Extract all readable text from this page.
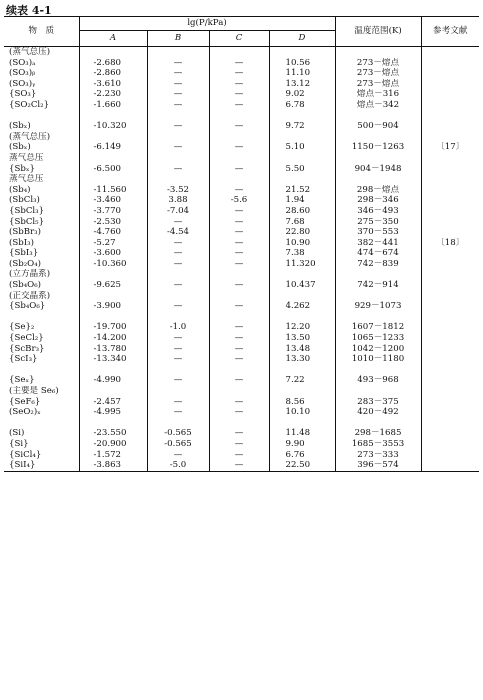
续表 4-1
物　质	lg(P/kPa)				温度范围(K)	参考文献
	A	B	C	D		
(蒸气总压)						
(SO₃)ₐ	-2.680	—	—	10.56	273－熔点	
(SO₃)ᵦ	-2.860	—	—	11.10	273－熔点	
(SO₃)ᵧ	-3.610	—	—	13.12	273－熔点	
{SO₃}	-2.230	—	—	9.02	熔点－316	
{SO₂Cl₂}	-1.660	—	—	6.78	熔点－342	

(Sbₓ)	-10.320	—	—	9.72	500－904	
(蒸气总压)						
(Sbₓ)	-6.149	—	—	5.10	1150－1263	〔17〕
蒸气总压						
{Sbₓ}	-6.500	—	—	5.50	904－1948	
蒸气总压						
(Sb₄)	-11.560	-3.52	—	21.52	298－熔点	
(SbCl₃)	-3.460	3.88	-5.6	1.94	298－346	
{SbCl₃}	-3.770	-7.04	—	28.60	346－493	
{SbCl₅}	-2.530	—	—	7.68	275－350	
(SbBr₃)	-4.760	-4.54	—	22.80	370－553	
(SbI₃)	-5.27	—	—	10.90	382－441	〔18〕
{SbI₃}	-3.600	—	—	7.38	474－674	
(Sb₂O₄)	-10.360	—	—	11.320	742－839	
(立方晶系)						
(Sb₄O₆)	-9.625	—	—	10.437	742－914	
(正交晶系)						
{Sb₄O₆}	-3.900	—	—	4.262	929－1073	

{Se}₂	-19.700	-1.0	—	12.20	1607－1812	
{SeCl₂}	-14.200	—	—	13.50	1065－1233	
{ScBr₃}	-13.780	—	—	13.48	1042－1200	
{ScI₃}	-13.340	—	—	13.30	1010－1180	

{Seₓ}	-4.990	—	—	7.22	493－968	
(主要是 Se₆)						
{SeF₆}	-2.457	—	—	8.56	283－375	
(SeO₂)ₓ	-4.995	—	—	10.10	420－492	

(Si)	-23.550	-0.565	—	11.48	298－1685	
{Si}	-20.900	-0.565	—	9.90	1685－3553	
{SiCl₄}	-1.572	—	—	6.76	273－333	
{SiI₄}	-3.863	-5.0	—	22.50	396－574	
